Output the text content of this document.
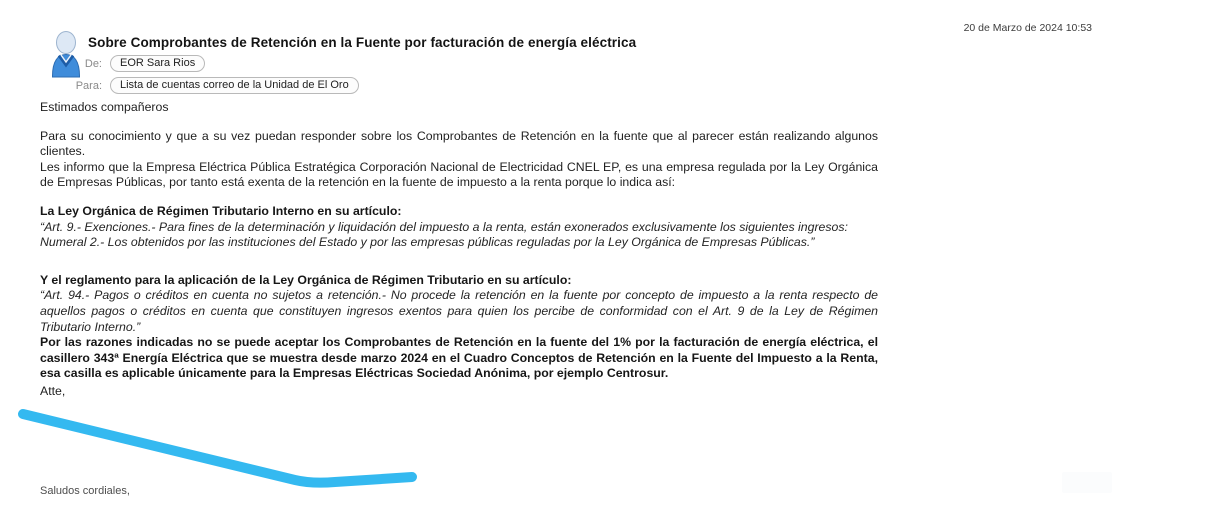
Sobre Comprobantes de Retención en la Fuente por facturación de energía eléctrica
20 de Marzo de 2024 10:53
De:	EOR Sara Rios
Para:	Lista de cuentas correo de la Unidad de El Oro

Estimados compañeros

Para su conocimiento y que a su vez puedan responder sobre los Comprobantes de Retención en la fuente que al parecer están realizando algunos clientes.

Les informo que la Empresa Eléctrica Pública Estratégica Corporación Nacional de Electricidad CNEL EP, es una empresa regulada por la Ley Orgánica de Empresas Públicas, por tanto está exenta de la retención en la fuente de impuesto a la renta porque lo indica así:

La Ley Orgánica de Régimen Tributario Interno en su artículo:

“Art. 9.- Exenciones.- Para fines de la determinación y liquidación del impuesto a la renta, están exonerados exclusivamente los siguientes ingresos:

Numeral 2.- Los obtenidos por las instituciones del Estado y por las empresas públicas reguladas por la Ley Orgánica de Empresas Públicas.”

Y el reglamento para la aplicación de la Ley Orgánica de Régimen Tributario en su artículo:

“Art. 94.- Pagos o créditos en cuenta no sujetos a retención.- No procede la retención en la fuente por concepto de impuesto a la renta respecto de aquellos pagos o créditos en cuenta que constituyen ingresos exentos para quien los percibe de conformidad con el Art. 9 de la Ley de Régimen Tributario Interno.”

Por las razones indicadas no se puede aceptar los Comprobantes de Retención en la fuente del 1% por la facturación de energía eléctrica, el casillero 343ª Energía Eléctrica que se muestra desde marzo 2024 en el Cuadro Conceptos de Retención en la Fuente del Impuesto a la Renta, esa casilla es aplicable únicamente para la Empresas Eléctricas Sociedad Anónima, por ejemplo Centrosur.

Atte,

Saludos cordiales,
